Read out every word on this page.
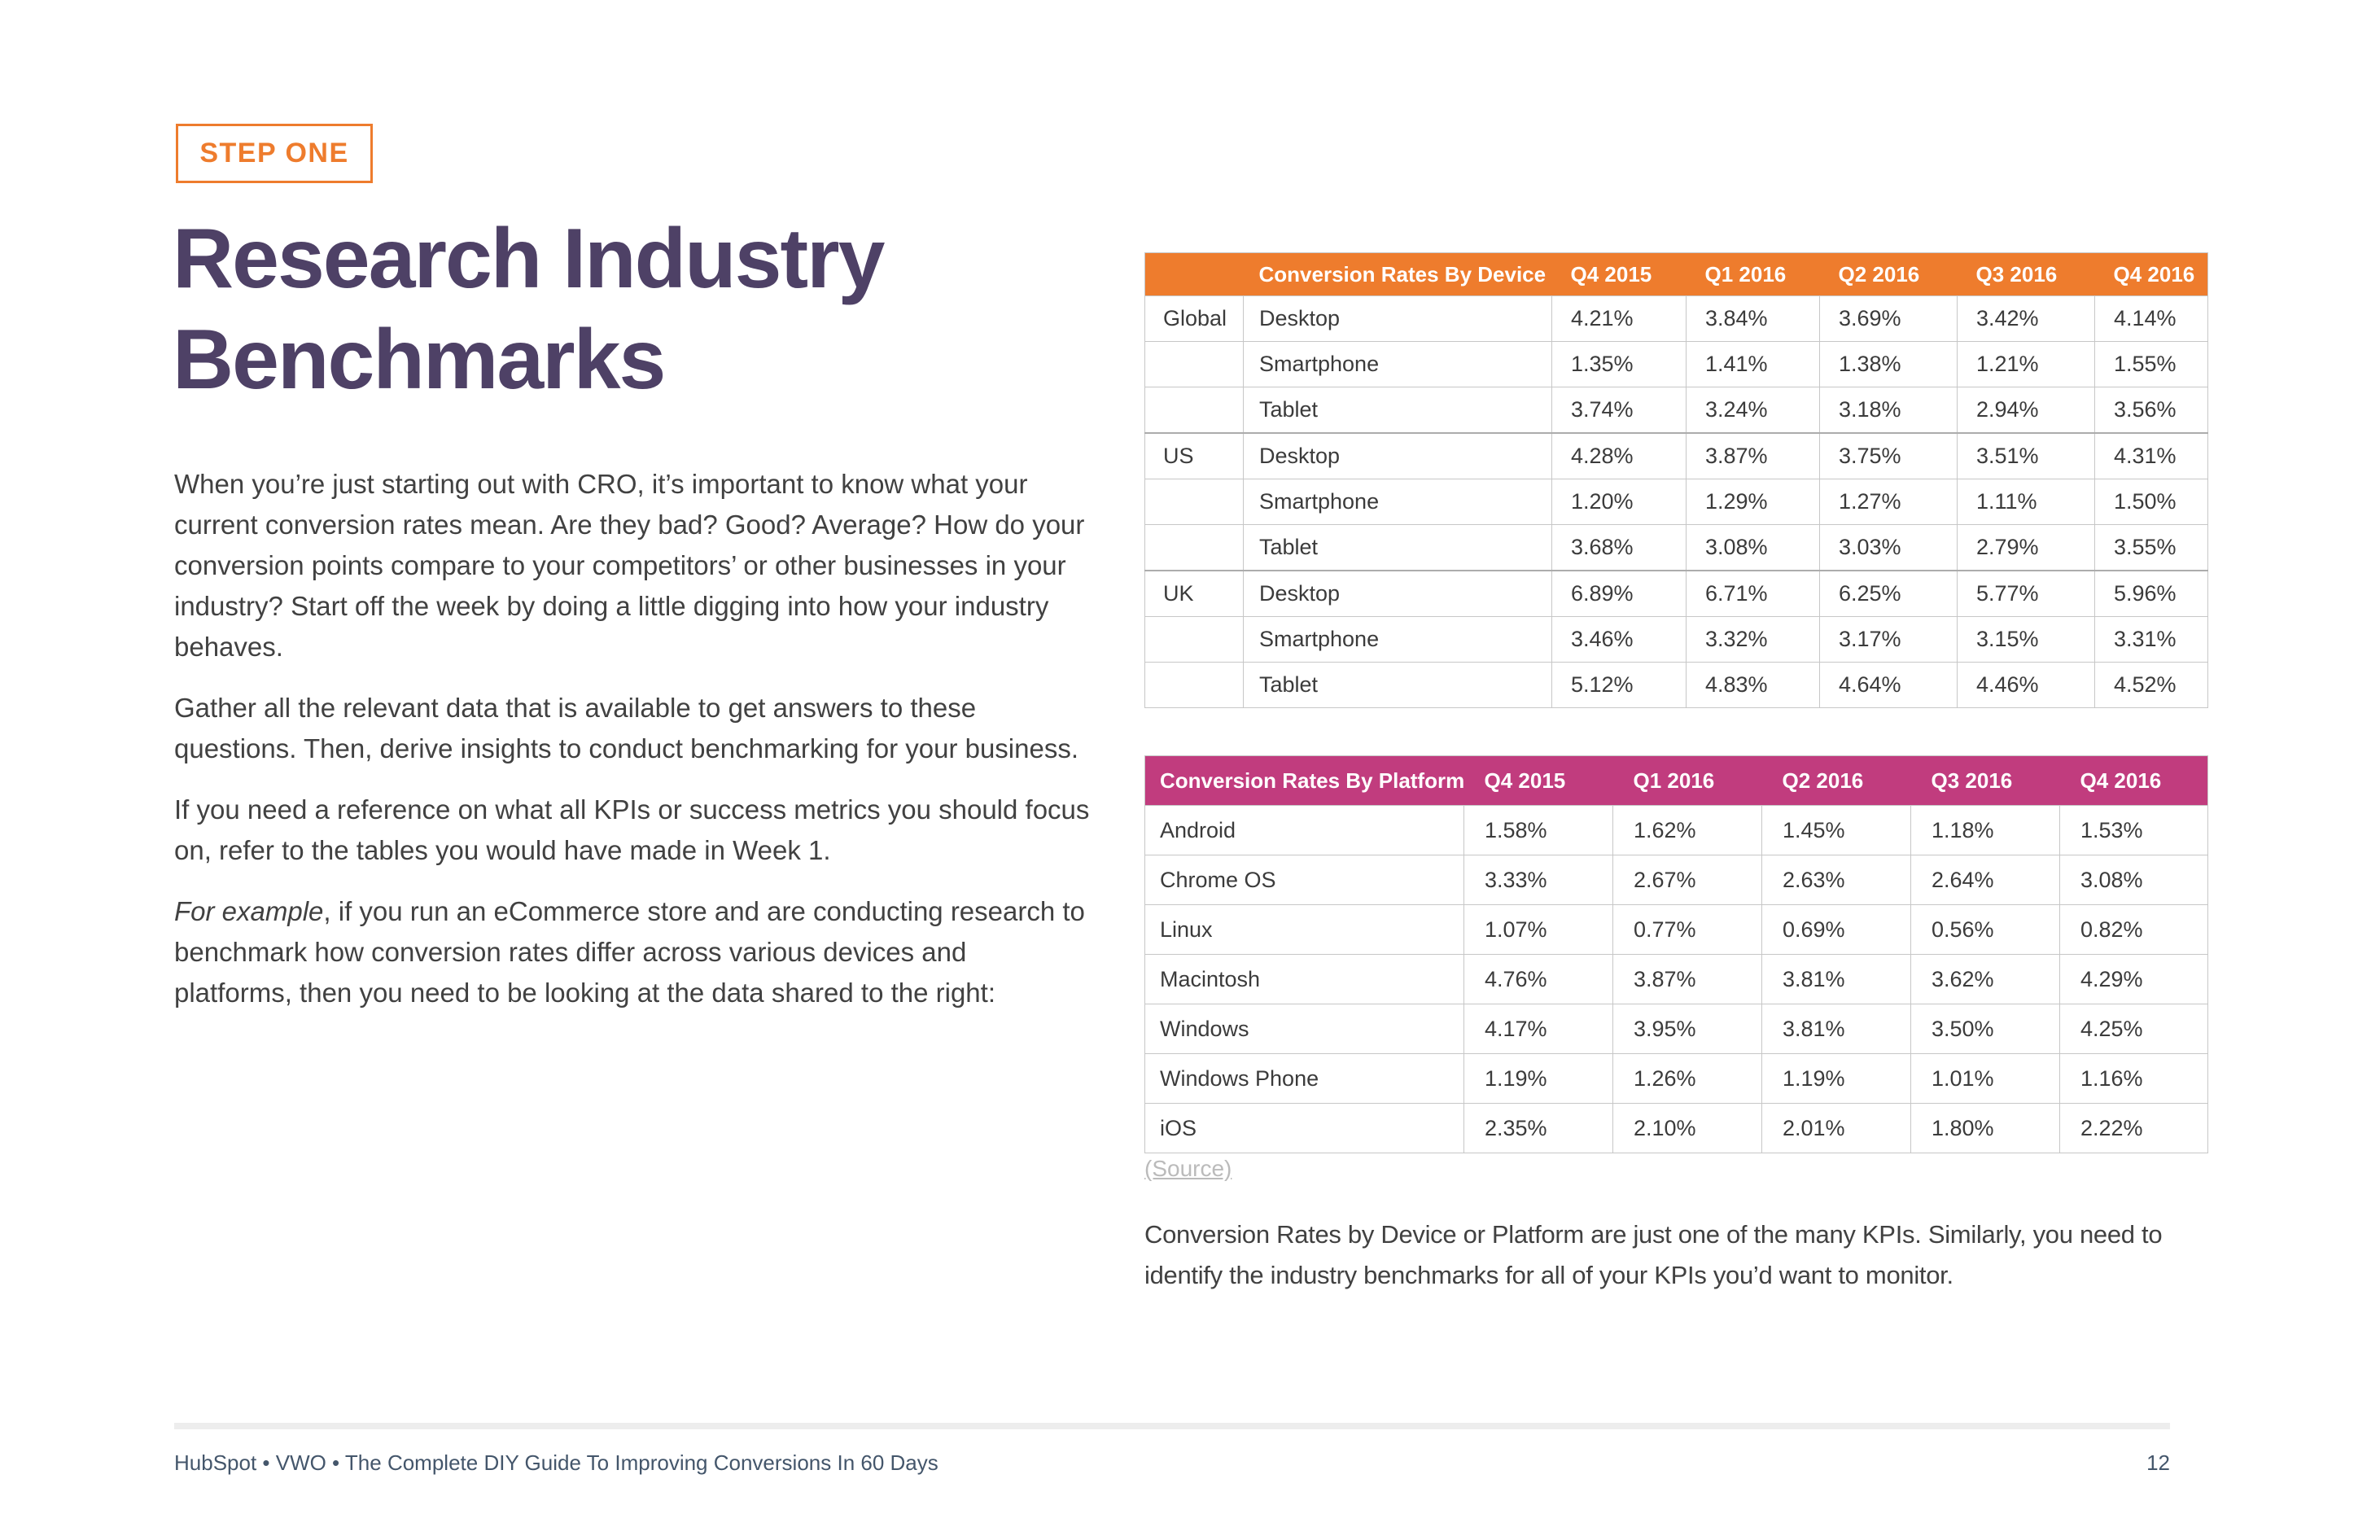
STEP ONE
Research Industry
Benchmarks

When you’re just starting out with CRO, it’s important to know what your current conversion rates mean. Are they bad? Good? Average? How do your conversion points compare to your competitors’ or other businesses in your industry? Start off the week by doing a little digging into how your industry behaves.

Gather all the relevant data that is available to get answers to these questions. Then, derive insights to conduct benchmarking for your business.

If you need a reference on what all KPIs or success metrics you should focus on, refer to the tables you would have made in Week 1.

For example, if you run an eCommerce store and are conducting research to benchmark how conversion rates differ across various devices and platforms, then you need to be looking at the data shared to the right:

	Conversion Rates By Device	Q4 2015	Q1 2016	Q2 2016	Q3 2016	Q4 2016
Global	Desktop	4.21%	3.84%	3.69%	3.42%	4.14%
	Smartphone	1.35%	1.41%	1.38%	1.21%	1.55%
	Tablet	3.74%	3.24%	3.18%	2.94%	3.56%
US	Desktop	4.28%	3.87%	3.75%	3.51%	4.31%
	Smartphone	1.20%	1.29%	1.27%	1.11%	1.50%
	Tablet	3.68%	3.08%	3.03%	2.79%	3.55%
UK	Desktop	6.89%	6.71%	6.25%	5.77%	5.96%
	Smartphone	3.46%	3.32%	3.17%	3.15%	3.31%
	Tablet	5.12%	4.83%	4.64%	4.46%	4.52%
Conversion Rates By Platform	Q4 2015	Q1 2016	Q2 2016	Q3 2016	Q4 2016
Android	1.58%	1.62%	1.45%	1.18%	1.53%
Chrome OS	3.33%	2.67%	2.63%	2.64%	3.08%
Linux	1.07%	0.77%	0.69%	0.56%	0.82%
Macintosh	4.76%	3.87%	3.81%	3.62%	4.29%
Windows	4.17%	3.95%	3.81%	3.50%	4.25%
Windows Phone	1.19%	1.26%	1.19%	1.01%	1.16%
iOS	2.35%	2.10%	2.01%	1.80%	2.22%
(Source)
Conversion Rates by Device or Platform are just one of the many KPIs. Similarly, you need to identify the industry benchmarks for all of your KPIs you’d want to monitor.
HubSpot • VWO • The Complete DIY Guide To Improving Conversions In 60 Days	12
